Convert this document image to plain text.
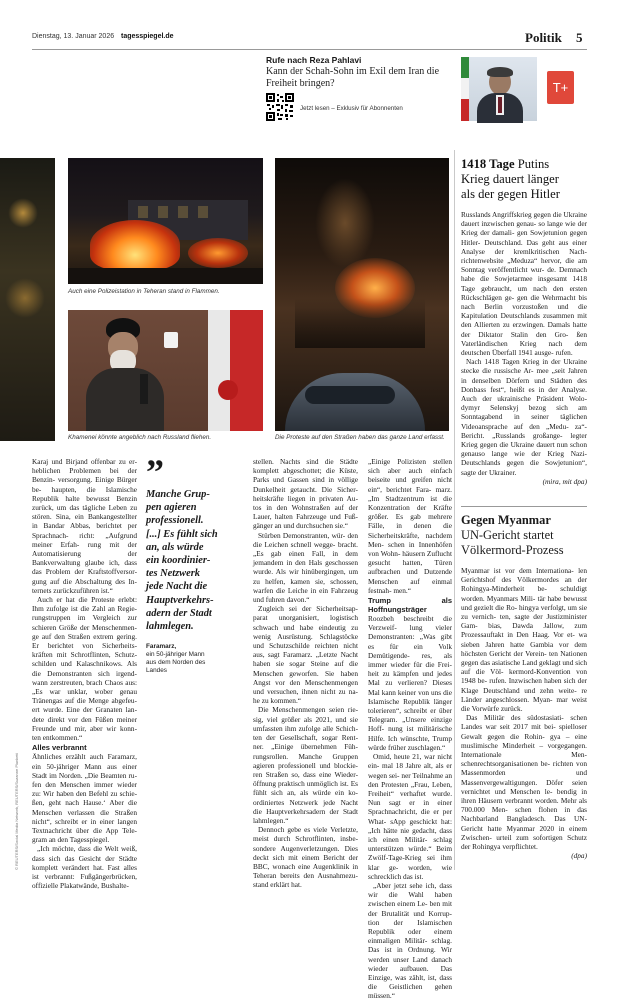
Dienstag, 13. Januar 2026 tagesspiegel.de	Politik 5
Rufe nach Reza Pahlavi
Kann der Schah-Sohn im Exil dem Iran die
Freiheit bringen?
Jetzt lesen – Exklusiv für Abonnenten
T+
Auch eine Polizeistation in Teheran stand in Flammen.
Khamenei könnte angeblich nach Russland fliehen.	Die Proteste auf den Straßen haben das ganze Land erfasst.
Karaj und Birjand offenbar zu er- heblichen Problemen bei der Benzin- versorgung. Einige Bürger be- haupten, die Islamische Republik halte bewusst Benzin zurück, um das tägliche Leben zu stören. Sina, ein Bankangestellter in Bandar Abbas, berichtet per Sprachnach- richt: „Aufgrund meiner Erfah- rung mit der Automatisierung der Bankverwaltung glaube ich, dass das Problem der Kraftstoffversor- gung auf die Abschaltung des In- ternets zurückzuführen ist.“
Auch er hat die Proteste erlebt: Ihm zufolge ist die Zahl an Regie- rungstruppen im Vergleich zur schieren Größe der Menschenmen- ge auf den Straßen extrem gering. Er berichtet von Sicherheits- kräften mit Schrotflinten, Schutz- schilden und Kalaschnikows. Als die Demonstranten sich irgend- wann zerstreuten, brach Chaos aus: „Es war unklar, wober genau Tränengas auf die Menge abgefeu- ert wurde. Eine der Granaten lan- dete direkt vor den Füßen meiner Freunde und mir, aber wir konn- ten entkommen.“
Alles verbrannt
Ähnliches erzählt auch Faramarz, ein 50-jähriger Mann aus einer Stadt im Norden. „Die Beamten ru- fen den Menschen immer wieder zu: Wir haben den Befehl zu schie- ßen, geht nach Hause.‘ Aber die Menschen verlassen die Straßen nicht“, schreibt er in einer langen Textnachricht über die App Tele- gram an den Tagesspiegel.
„Ich möchte, dass die Welt weiß, dass sich das Gesicht der Städte komplett verändert hat. Fast alles ist verbrannt: Fußgängerbrücken, offizielle Plakatwände, Bushalte-
© REUTERS/Social Media Network, REUTERS/Suzanne Plunkett
”
Manche Grup-
pen agieren
professionell.
[...] Es fühlt sich
an, als würde
ein koordinier-
tes Netzwerk
jede Nacht die
Hauptverkehrs-
adern der Stadt
lahmlegen.
Faramarz,
ein 50-jähriger Mann
aus dem Norden des
Landes
stellen. Nachts sind die Städte komplett abgeschottet; die Küste, Parks und Gassen sind in völlige Dunkelheit getaucht. Die Sicher- heitskräfte liegen in privaten Au- tos in den Wohnstraßen auf der Lauer, halten Fahrzeuge und Fuß- gänger an und durchsuchen sie.“
Stürben Demonstranten, wür- den die Leichen schnell wegge- bracht. „Es gab einen Fall, in dem jemandem in den Hals geschossen wurde. Als wir hinübergingen, um zu helfen, kamen sie, schossen, warfen die Leiche in ein Fahrzeug und fuhren davon.“
Zugleich sei der Sicherheitsap- parat unorganisiert, logistisch schwach und habe eindeutig zu wenig Ausrüstung. Schlagstöcke und Schutzschilde reichten nicht aus, sagt Faramarz. „Letzte Nacht haben sie sogar Steine auf die Menschen geworfen. Sie haben Angst vor den Menschenmengen und versuchen, ihnen nicht zu na- he zu kommen.“
Die Menschenmengen seien rie- sig, viel größer als 2021, und sie umfassten ihm zufolge alle Schich- ten der Gesellschaft, sogar Rent- ner. „Einige übernehmen Füh- rungsrollen. Manche Gruppen agieren professionell und blockie- ren Straßen so, dass eine Wieder- öffnung praktisch unmöglich ist. Es fühlt sich an, als würde ein ko- ordiniertes Netzwerk jede Nacht die Hauptverkehrsadern der Stadt lahmlegen.“
Dennoch gebe es viele Verletzte, meist durch Schrotflinten, insbe- sondere Augenverletzungen. Dies deckt sich mit einem Bericht der BBC, wonach eine Augenklinik in Teheran bereits den Ausnahmezu- stand erklärt hat.
„Einige Polizisten stellen sich aber auch einfach beiseite und greifen nicht ein“, berichtet Fara- marz. „Im Stadtzentrum ist die Konzentration der Kräfte größer. Es gab mehrere Fälle, in denen die Sicherheitskräfte, nachdem Men- schen in Innenhöfen von Wohn- häusern Zuflucht gesucht hatten, Türen aufbrachen und Dutzende Menschen auf einmal festnah- men.“
Trump als Hoffnungsträger
Roozbeh beschreibt die Verzweif- lung vieler Demonstranten: „Was gibt es für ein Volk Demütigende- res, als immer wieder für die Frei- heit zu kämpfen und jedes Mal zu verlieren? Dieses Mal kann keiner von uns die Islamische Republik länger tolerieren“, schreibt er über Telegram. „Unsere einzige Hoff- nung ist militärische Hilfe. Ich wünschte, Trump würde früher zuschlagen.“
Omid, heute 21, war nicht ein- mal 18 Jahre alt, als er wegen sei- ner Teilnahme an den Protesten „Frau, Leben, Freiheit“ verhaftet wurde. Nun sagt er in einer Sprachnachricht, die er per What- sApp geschickt hat: „Ich hätte nie gedacht, dass ich einen Militär- schlag unterstützen würde.“ Beim Zwölf-Tage-Krieg sei ihm klar ge- worden, wie schrecklich das ist.
„Aber jetzt sehe ich, dass wir die Wahl haben zwischen einem Le- ben mit der Brutalität und Korrup- tion der Islamischen Republik oder einem einmaligen Militär- schlag. Das ist in Ordnung. Wir werden unser Land danach wieder aufbauen. Das Einzige, was zählt, ist, dass die Geistlichen gehen müssen.“
1418 Tage Putins
Krieg dauert länger
als der gegen Hitler
Russlands Angriffskrieg gegen die Ukraine dauert inzwischen genau- so lange wie der Krieg der damali- gen Sowjetunion gegen Hitler- Deutschland. Das geht aus einer Analyse der kremlkritischen Nach- richtenwebsite „Meduza“ hervor, die am Sonntag veröffentlicht wur- de. Demnach habe die Sowjetarmee insgesamt 1418 Tage gebraucht, um nach den ersten Rückschlägen ge- gen die Wehrmacht bis nach Berlin vorzustoßen und die Kapitulation Deutschlands zusammen mit den Allierten zu erzwingen. Damals hatte der Diktator Stalin den Gro- ßen Vaterländischen Krieg nach dem deutschen Überfall 1941 ausge- rufen.
Nach 1418 Tagen Krieg in der Ukraine stecke die russische Ar- mee „seit Jahren in denselben Dörfern und Städten des Donbass fest“, heißt es in der Analyse. Auch der ukrainische Präsident Wolo- dymyr Selenskyj bezog sich am Sonntagabend in seiner täglichen Videoansprache auf den „Medu- za“-Bericht. „Russlands großange- legter Krieg gegen die Ukraine dauert nun schon genauso lange wie der Krieg Nazi-Deutschlands gegen die Sowjetunion“, sagte der Ukrainer.
(mira, mit dpa)
Gegen Myanmar
UN-Gericht startet
Völkermord-Prozess
Myanmar ist vor dem Internationa- len Gerichtshof des Völkermordes an der Rohingya-Minderheit be- schuldigt worden. Myanmars Mili- tär habe bewusst und gezielt die Ro- hingya verfolgt, um sie zu vernich- ten, sagte der Justizminister Gam- bias, Dawda Jallow, zum Prozessauftakt in Den Haag. Vor et- wa sieben Jahren hatte Gambia vor dem höchsten Gericht der Verein- ten Nationen gegen das asiatische Land geklagt und sich auf die Völ- kermord-Konvention von 1948 be- rufen. Inzwischen haben sich der Klage Deutschland und zehn weite- re Länder angeschlossen. Myan- mar weist die Vorwürfe zurück.
Das Militär des südostasiati- schen Landes war seit 2017 mit bei- spielloser Gewalt gegen die Rohin- gya – eine muslimische Minderheit – vorgegangen. Internationale Men- schenrechtsorganisationen be- richten von Massenmorden und Massenvergewaltigungen. Döfer seien vernichtet und Menschen le- bendig in ihren Häusern verbrannt worden. Mehr als 700.000 Men- schen flohen in das Nachbarland Bangladesch. Das UN-Gericht hatte Myanmar 2020 in einem Zwischen- urteil zum sofortigen Schutz der Rohingya verpflichtet.
(dpa)
